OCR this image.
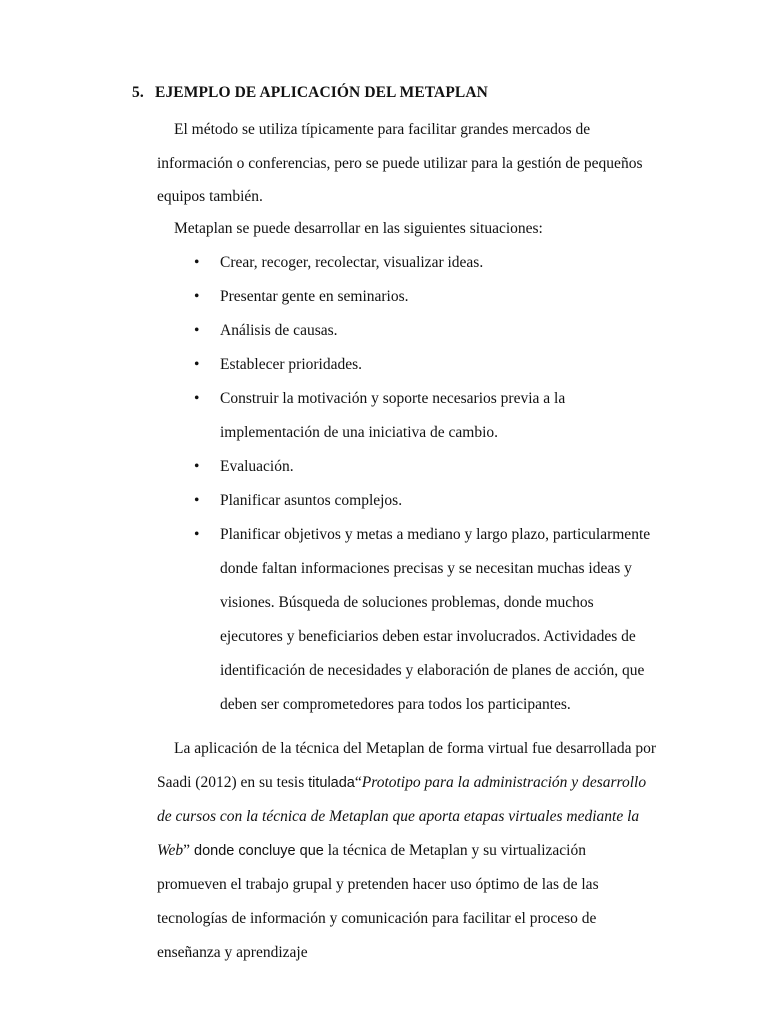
5. EJEMPLO DE APLICACIÓN DEL METAPLAN

El método se utiliza típicamente para facilitar grandes mercados de información o conferencias, pero se puede utilizar para la gestión de pequeños equipos también.

Metaplan se puede desarrollar en las siguientes situaciones:

• Crear, recoger, recolectar, visualizar ideas.
• Presentar gente en seminarios.
• Análisis de causas.
• Establecer prioridades.
• Construir la motivación y soporte necesarios previa a la implementación de una iniciativa de cambio.
• Evaluación.
• Planificar asuntos complejos.
• Planificar objetivos y metas a mediano y largo plazo, particularmente donde faltan informaciones precisas y se necesitan muchas ideas y visiones. Búsqueda de soluciones problemas, donde muchos ejecutores y beneficiarios deben estar involucrados. Actividades de identificación de necesidades y elaboración de planes de acción, que deben ser comprometedores para todos los participantes.

La aplicación de la técnica del Metaplan de forma virtual fue desarrollada por Saadi (2012) en su tesis titulada“Prototipo para la administración y desarrollo de cursos con la técnica de Metaplan que aporta etapas virtuales mediante la Web” donde concluye que la técnica de Metaplan y su virtualización promueven el trabajo grupal y pretenden hacer uso óptimo de las de las tecnologías de información y comunicación para facilitar el proceso de enseñanza y aprendizaje
